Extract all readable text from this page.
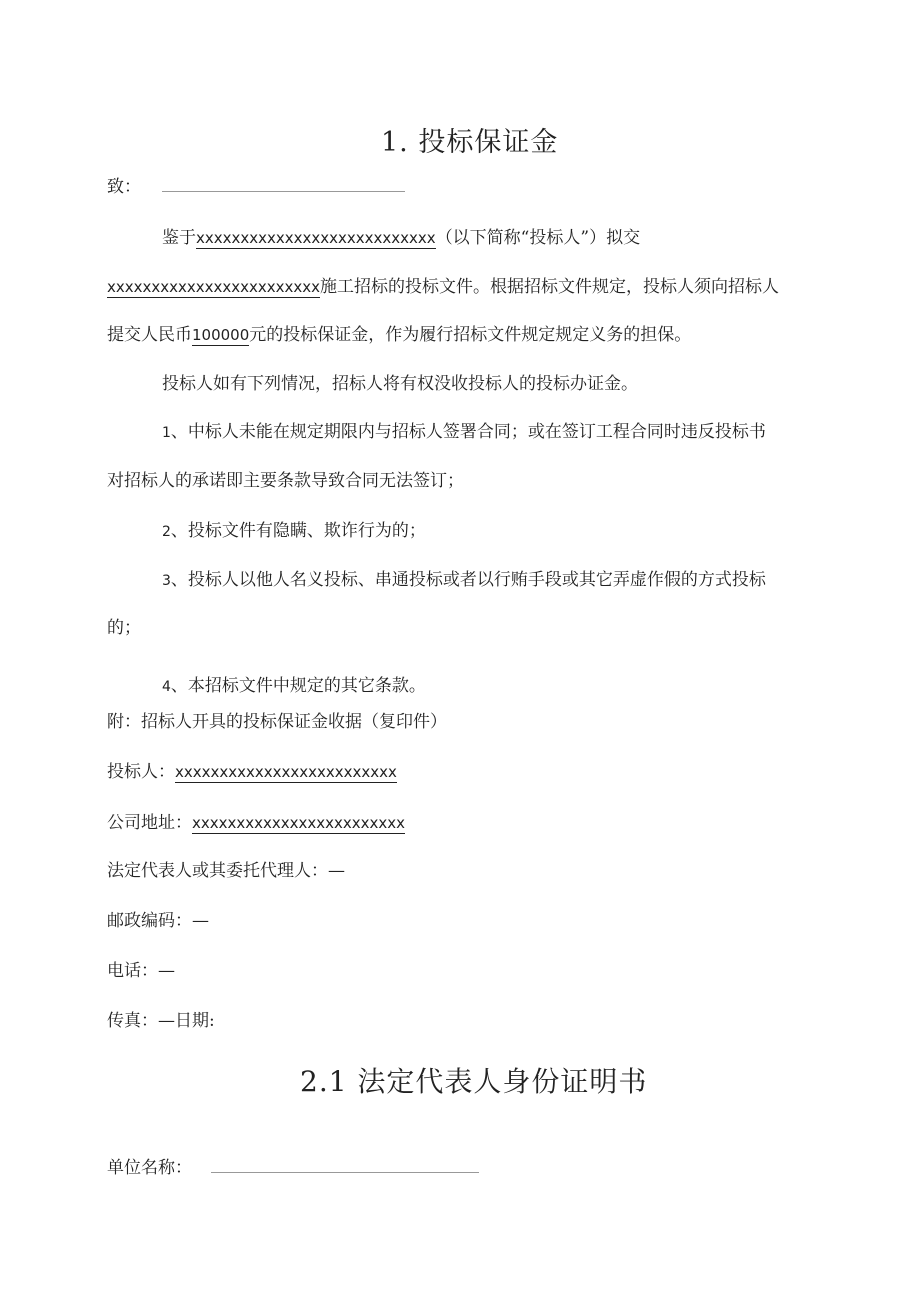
1. 投标保证金
致：
鉴于xxxxxxxxxxxxxxxxxxxxxxxxxxx（以下简称“投标人”）拟交
xxxxxxxxxxxxxxxxxxxxxxxx施工招标的投标文件。根据招标文件规定，投标人须向招标人
提交人民币100000元的投标保证金，作为履行招标文件规定规定义务的担保。
投标人如有下列情况，招标人将有权没收投标人的投标办证金。
1、中标人未能在规定期限内与招标人签署合同；或在签订工程合同时违反投标书
对招标人的承诺即主要条款导致合同无法签订；
2、投标文件有隐瞒、欺诈行为的；
3、投标人以他人名义投标、串通投标或者以行贿手段或其它弄虚作假的方式投标
的；
4、本招标文件中规定的其它条款。
附：招标人开具的投标保证金收据（复印件）
投标人：xxxxxxxxxxxxxxxxxxxxxxxxx
公司地址：xxxxxxxxxxxxxxxxxxxxxxxx
法定代表人或其委托代理人：—
邮政编码：—
电话：—
传真：—日期:
2.1 法定代表人身份证明书
单位名称：
